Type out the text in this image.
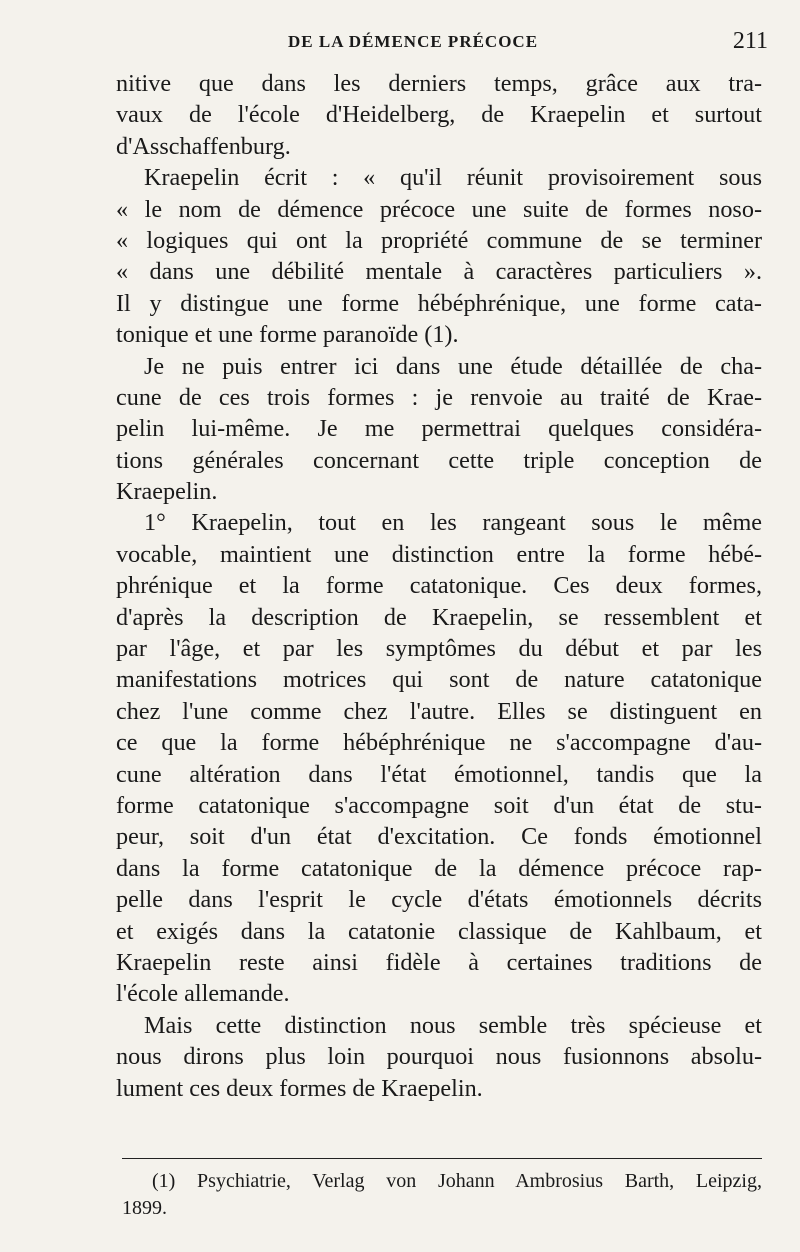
DE LA DÉMENCE PRÉCOCE	211
nitive que dans les derniers temps, grâce aux tra-
vaux de l'école d'Heidelberg, de Kraepelin et surtout
d'Asschaffenburg.
Kraepelin écrit : « qu'il réunit provisoirement sous
« le nom de démence précoce une suite de formes noso-
« logiques qui ont la propriété commune de se terminer
« dans une débilité mentale à caractères particuliers ».
Il y distingue une forme hébéphrénique, une forme cata-
tonique et une forme paranoïde (1).
Je ne puis entrer ici dans une étude détaillée de cha-
cune de ces trois formes : je renvoie au traité de Krae-
pelin lui-même. Je me permettrai quelques considéra-
tions générales concernant cette triple conception de
Kraepelin.
1° Kraepelin, tout en les rangeant sous le même
vocable, maintient une distinction entre la forme hébé-
phrénique et la forme catatonique. Ces deux formes,
d'après la description de Kraepelin, se ressemblent et
par l'âge, et par les symptômes du début et par les
manifestations motrices qui sont de nature catatonique
chez l'une comme chez l'autre. Elles se distinguent en
ce que la forme hébéphrénique ne s'accompagne d'au-
cune altération dans l'état émotionnel, tandis que la
forme catatonique s'accompagne soit d'un état de stu-
peur, soit d'un état d'excitation. Ce fonds émotionnel
dans la forme catatonique de la démence précoce rap-
pelle dans l'esprit le cycle d'états émotionnels décrits
et exigés dans la catatonie classique de Kahlbaum, et
Kraepelin reste ainsi fidèle à certaines traditions de
l'école allemande.
Mais cette distinction nous semble très spécieuse et
nous dirons plus loin pourquoi nous fusionnons absolu-
lument ces deux formes de Kraepelin.
(1) Psychiatrie, Verlag von Johann Ambrosius Barth, Leipzig,
1899.
